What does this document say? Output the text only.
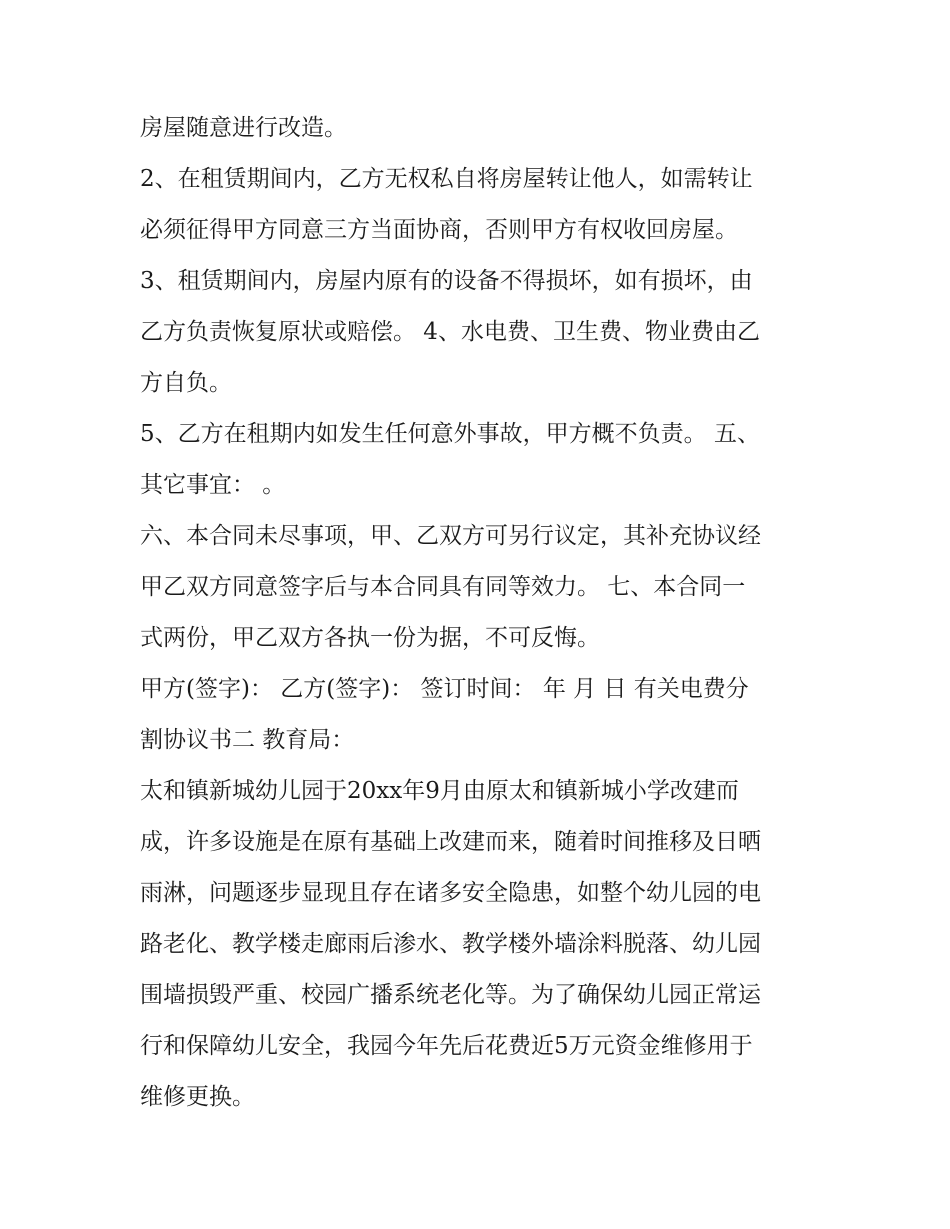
房屋随意进行改造。
2、在租赁期间内，乙方无权私自将房屋转让他人，如需转让
必须征得甲方同意三方当面协商，否则甲方有权收回房屋。
3、租赁期间内，房屋内原有的设备不得损坏，如有损坏，由
乙方负责恢复原状或赔偿。 4、水电费、卫生费、物业费由乙
方自负。
5、乙方在租期内如发生任何意外事故，甲方概不负责。 五、
其它事宜： 。
六、本合同未尽事项，甲、乙双方可另行议定，其补充协议经
甲乙双方同意签字后与本合同具有同等效力。 七、本合同一
式两份，甲乙双方各执一份为据，不可反悔。
甲方(签字)： 乙方(签字)： 签订时间： 年 月 日 有关电费分
割协议书二 教育局：
太和镇新城幼儿园于20xx年9月由原太和镇新城小学改建而
成，许多设施是在原有基础上改建而来，随着时间推移及日晒
雨淋，问题逐步显现且存在诸多安全隐患，如整个幼儿园的电
路老化、教学楼走廊雨后渗水、教学楼外墙涂料脱落、幼儿园
围墙损毁严重、校园广播系统老化等。为了确保幼儿园正常运
行和保障幼儿安全，我园今年先后花费近5万元资金维修用于
维修更换。
